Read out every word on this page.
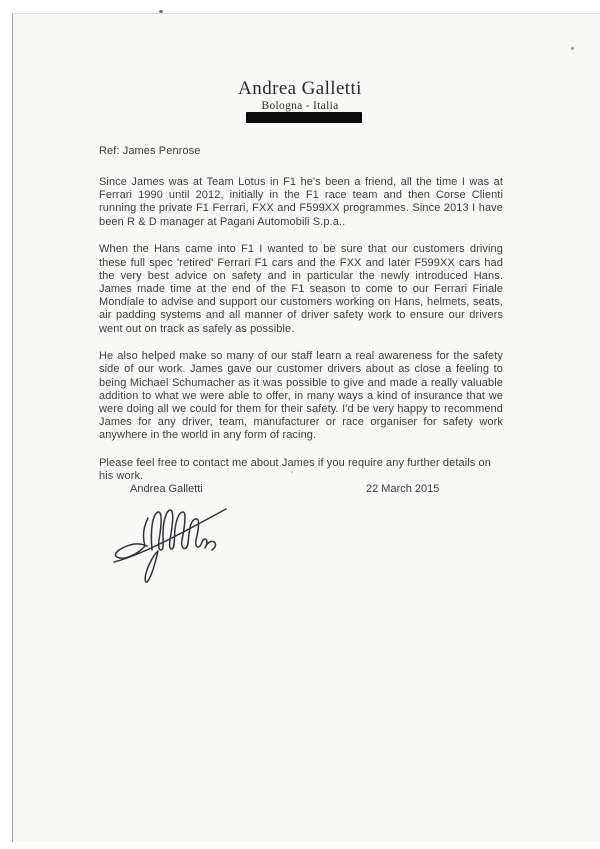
Andrea Galletti
Bologna - Italia
Ref: James Penrose

Since James was at Team Lotus in F1 he's been a friend, all the time I was at Ferrari 1990 until 2012, initially in the F1 race team and then Corse Clienti running the private F1 Ferrari, FXX and F599XX programmes. Since 2013 I have been R & D manager at Pagani Automobili S.p.a..

When the Hans came into F1 I wanted to be sure that our customers driving these full spec 'retired' Ferrari F1 cars and the FXX and later F599XX cars had the very best advice on safety and in particular the newly introduced Hans. James made time at the end of the F1 season to come to our Ferrari Finale Mondiale to advise and support our customers working on Hans, helmets, seats, air padding systems and all manner of driver safety work to ensure our drivers went out on track as safely as possible.

He also helped make so many of our staff learn a real awareness for the safety side of our work. James gave our customer drivers about as close a feeling to being Michael Schumacher as it was possible to give and made a really valuable addition to what we were able to offer, in many ways a kind of insurance that we were doing all we could for them for their safety. I'd be very happy to recommend James for any driver, team, manufacturer or race organiser for safety work anywhere in the world in any form of racing.

Please feel free to contact me about James if you require any further details on his work.

Andrea Galletti	22 March 2015
